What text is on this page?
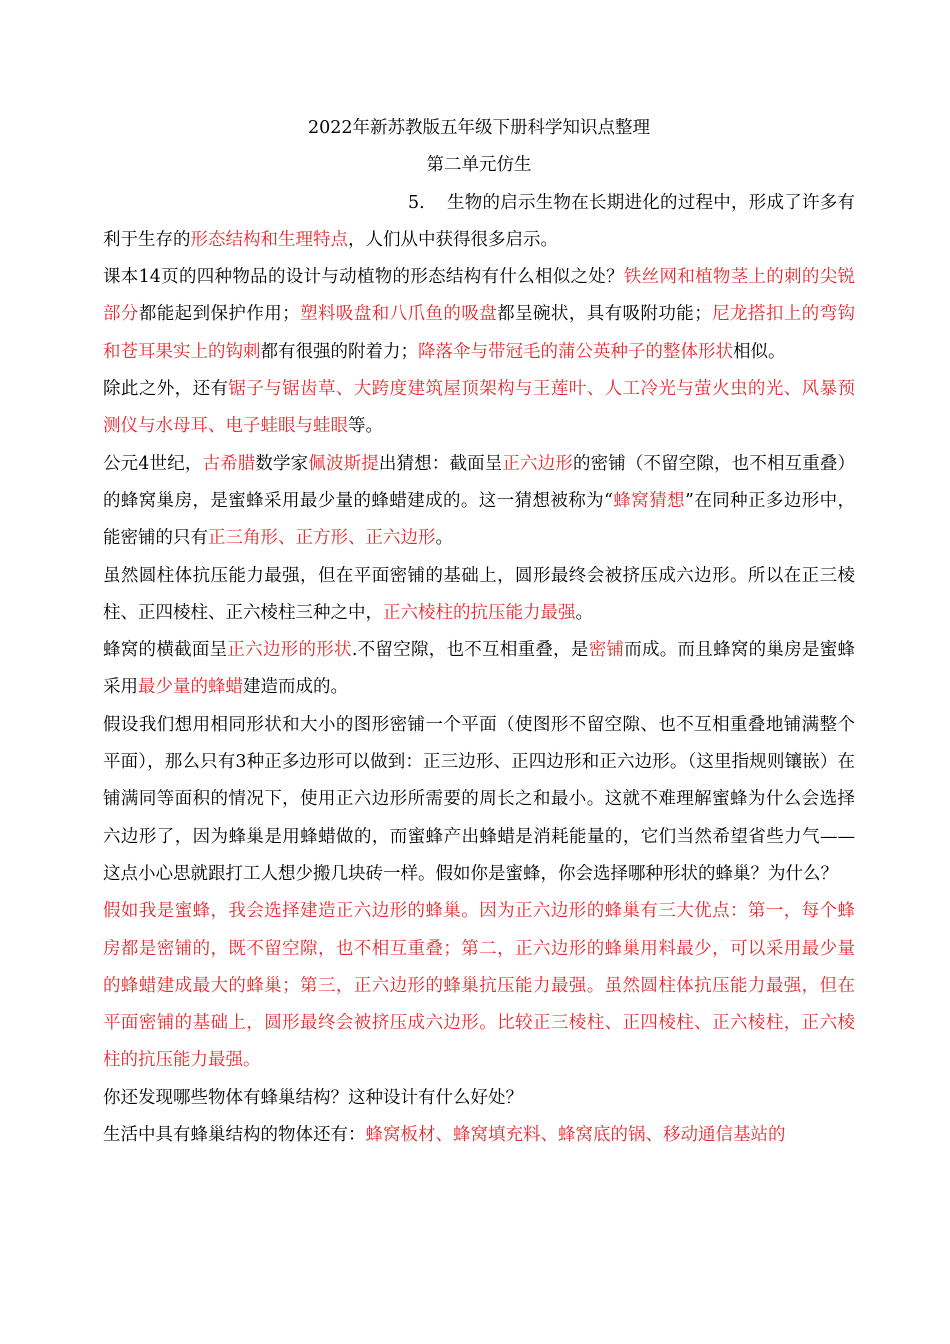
2022年新苏教版五年级下册科学知识点整理
第二单元仿生

5. 生物的启示生物在长期进化的过程中，形成了许多有利于生存的形态结构和生理特点，人们从中获得很多启示。

课本14页的四种物品的设计与动植物的形态结构有什么相似之处？铁丝网和植物茎上的刺的尖锐部分都能起到保护作用；塑料吸盘和八爪鱼的吸盘都呈碗状，具有吸附功能；尼龙搭扣上的弯钩和苍耳果实上的钩刺都有很强的附着力；降落伞与带冠毛的蒲公英种子的整体形状相似。

除此之外，还有锯子与锯齿草、大跨度建筑屋顶架构与王莲叶、人工冷光与萤火虫的光、风暴预测仪与水母耳、电子蛙眼与蛙眼等。

公元4世纪，古希腊数学家佩波斯提出猜想：截面呈正六边形的密铺（不留空隙，也不相互重叠）的蜂窝巢房，是蜜蜂采用最少量的蜂蜡建成的。这一猜想被称为“蜂窝猜想”在同种正多边形中，能密铺的只有正三角形、正方形、正六边形。

虽然圆柱体抗压能力最强，但在平面密铺的基础上，圆形最终会被挤压成六边形。所以在正三棱柱、正四棱柱、正六棱柱三种之中，正六棱柱的抗压能力最强。

蜂窝的横截面呈正六边形的形状.不留空隙，也不互相重叠，是密铺而成。而且蜂窝的巢房是蜜蜂采用最少量的蜂蜡建造而成的。

假设我们想用相同形状和大小的图形密铺一个平面（使图形不留空隙、也不互相重叠地铺满整个平面），那么只有3种正多边形可以做到：正三边形、正四边形和正六边形。（这里指规则镶嵌）在铺满同等面积的情况下，使用正六边形所需要的周长之和最小。这就不难理解蜜蜂为什么会选择六边形了，因为蜂巢是用蜂蜡做的，而蜜蜂产出蜂蜡是消耗能量的，它们当然希望省些力气——这点小心思就跟打工人想少搬几块砖一样。假如你是蜜蜂，你会选择哪种形状的蜂巢？为什么？

假如我是蜜蜂，我会选择建造正六边形的蜂巢。因为正六边形的蜂巢有三大优点：第一，每个蜂房都是密铺的，既不留空隙，也不相互重叠；第二，正六边形的蜂巢用料最少，可以采用最少量的蜂蜡建成最大的蜂巢；第三，正六边形的蜂巢抗压能力最强。虽然圆柱体抗压能力最强，但在平面密铺的基础上，圆形最终会被挤压成六边形。比较正三棱柱、正四棱柱、正六棱柱，正六棱柱的抗压能力最强。

你还发现哪些物体有蜂巢结构？这种设计有什么好处？

生活中具有蜂巢结构的物体还有：蜂窝板材、蜂窝填充料、蜂窝底的锅、移动通信基站的
